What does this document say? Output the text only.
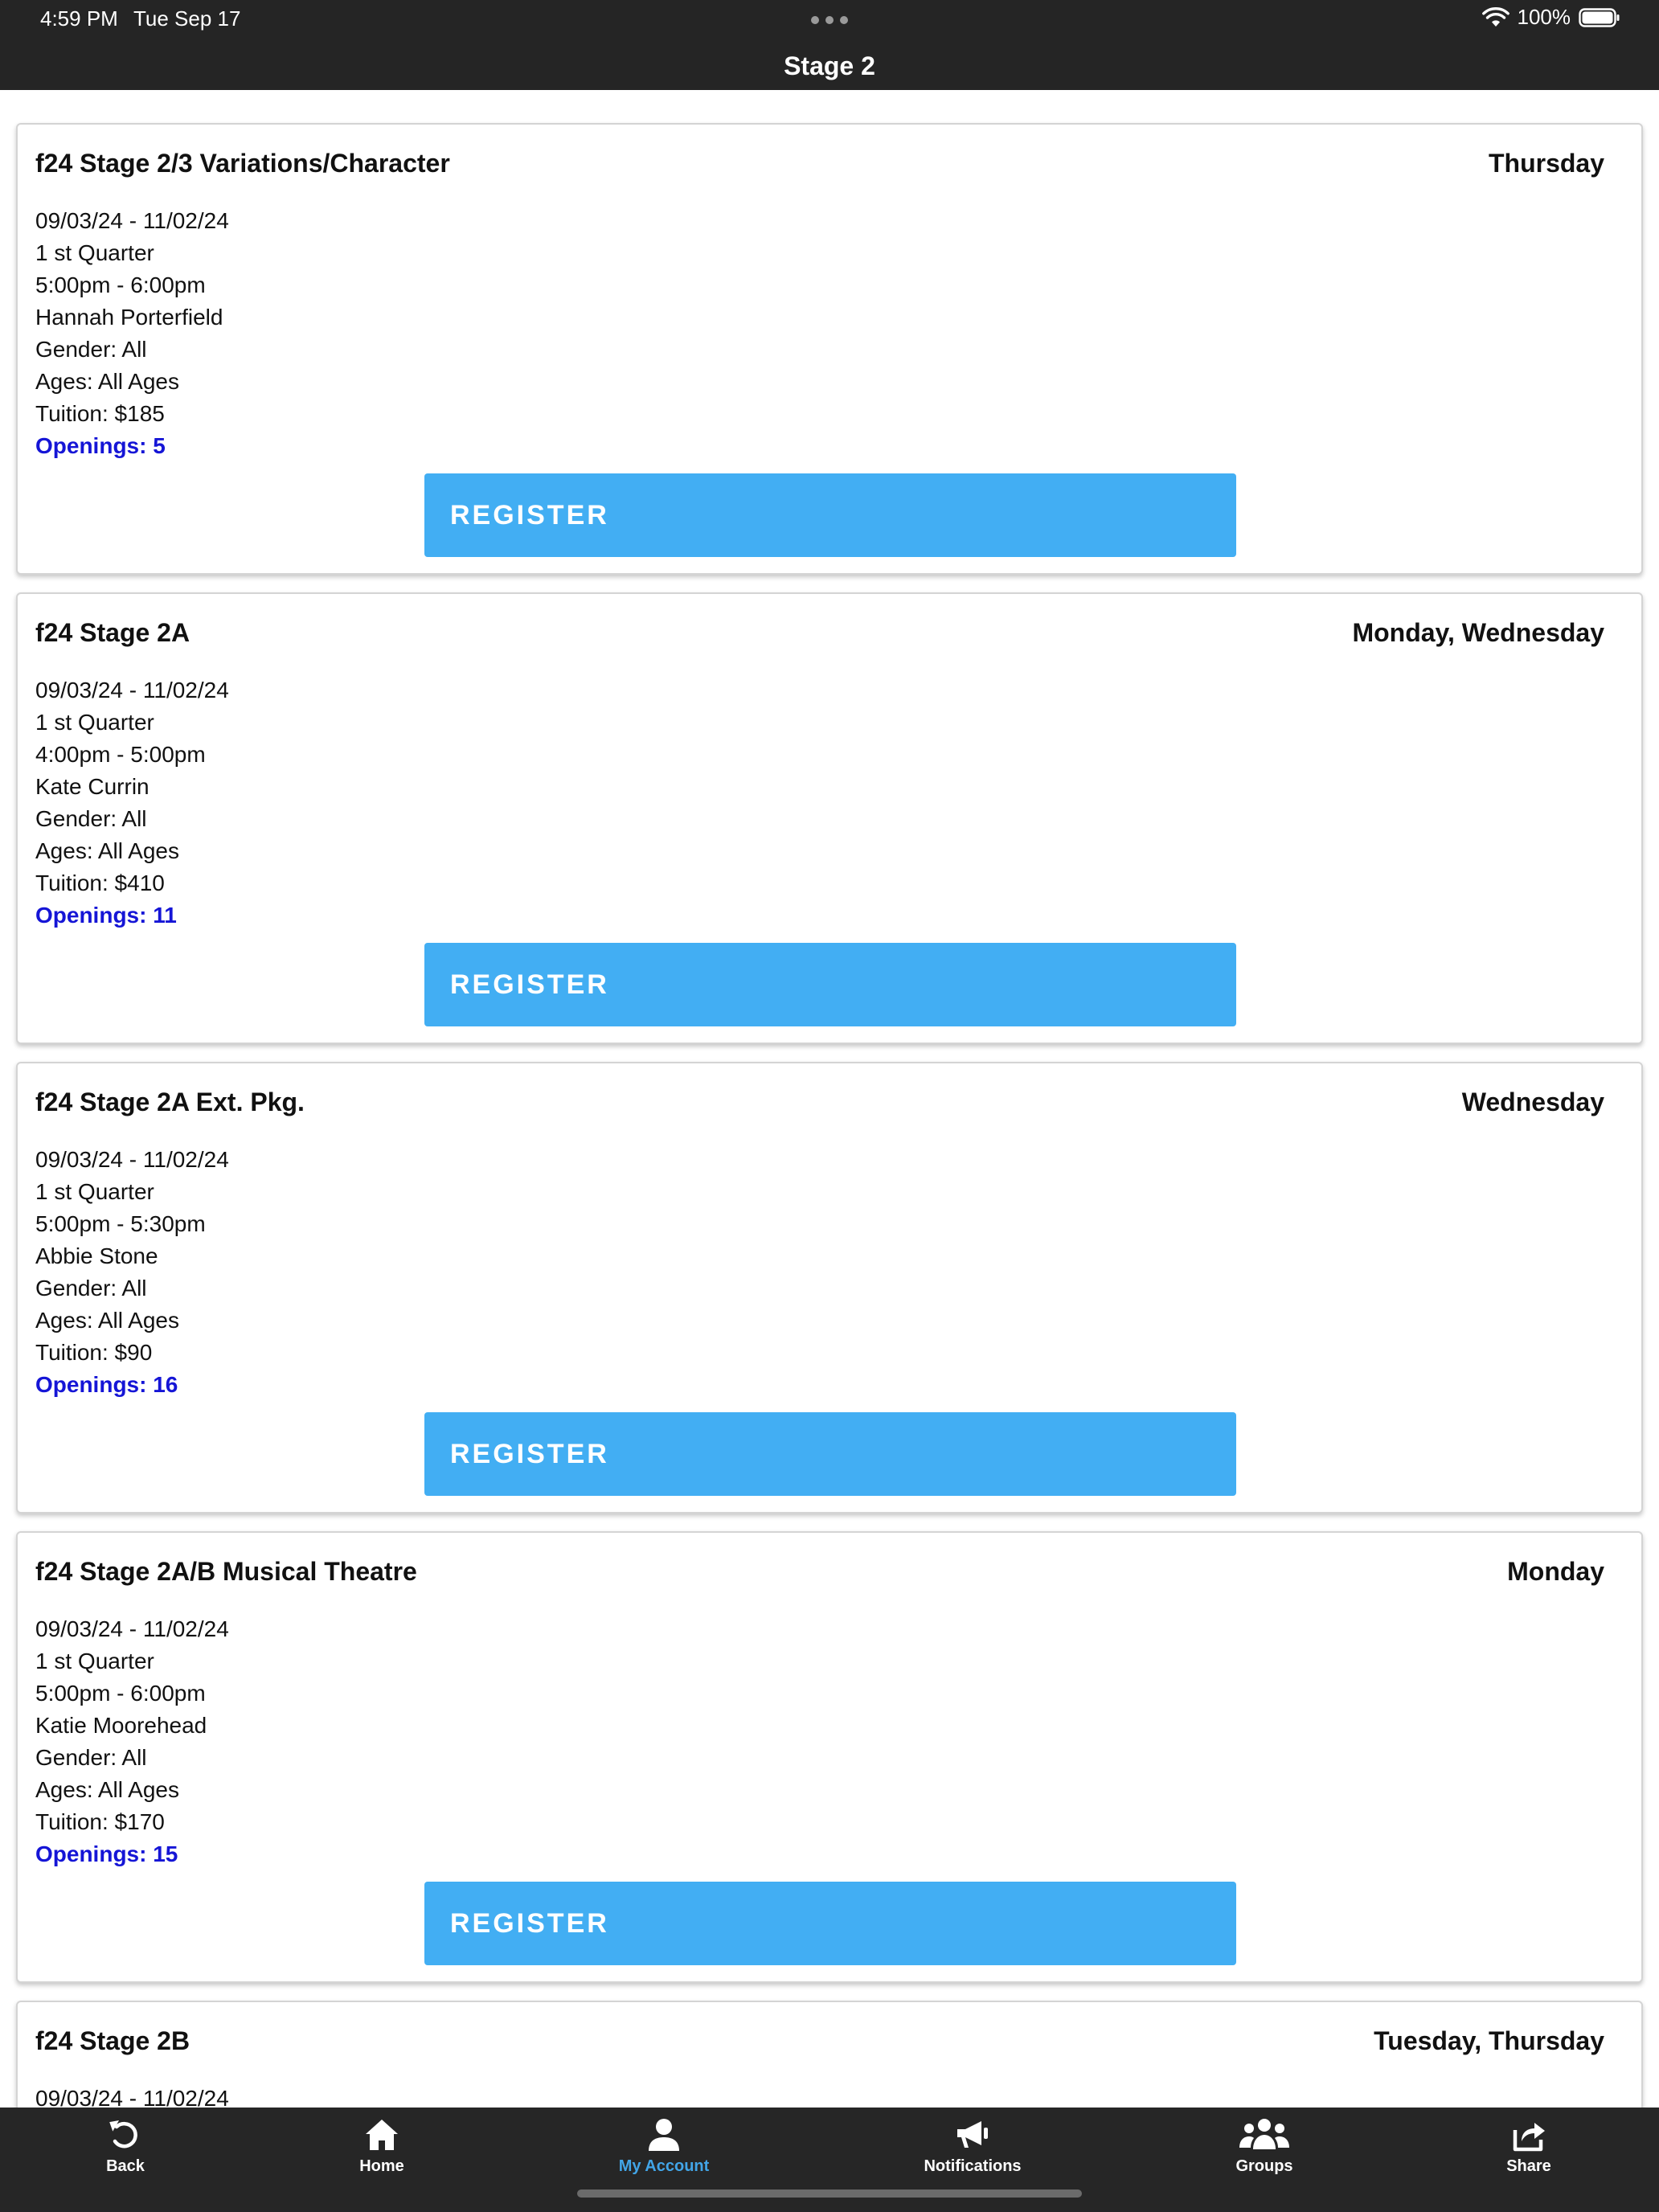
4:59 PM Tue Sep 17	100%
Stage 2
f24 Stage 2/3 Variations/Character	Thursday
09/03/24 - 11/02/24
1 st Quarter
5:00pm - 6:00pm
Hannah Porterfield
Gender: All
Ages: All Ages
Tuition: $185
Openings: 5
REGISTER
f24 Stage 2A	Monday, Wednesday
09/03/24 - 11/02/24
1 st Quarter
4:00pm - 5:00pm
Kate Currin
Gender: All
Ages: All Ages
Tuition: $410
Openings: 11
REGISTER
f24 Stage 2A Ext. Pkg.	Wednesday
09/03/24 - 11/02/24
1 st Quarter
5:00pm - 5:30pm
Abbie Stone
Gender: All
Ages: All Ages
Tuition: $90
Openings: 16
REGISTER
f24 Stage 2A/B Musical Theatre	Monday
09/03/24 - 11/02/24
1 st Quarter
5:00pm - 6:00pm
Katie Moorehead
Gender: All
Ages: All Ages
Tuition: $170
Openings: 15
REGISTER
f24 Stage 2B	Tuesday, Thursday
09/03/24 - 11/02/24
Back	Home	My Account	Notifications	Groups	Share
